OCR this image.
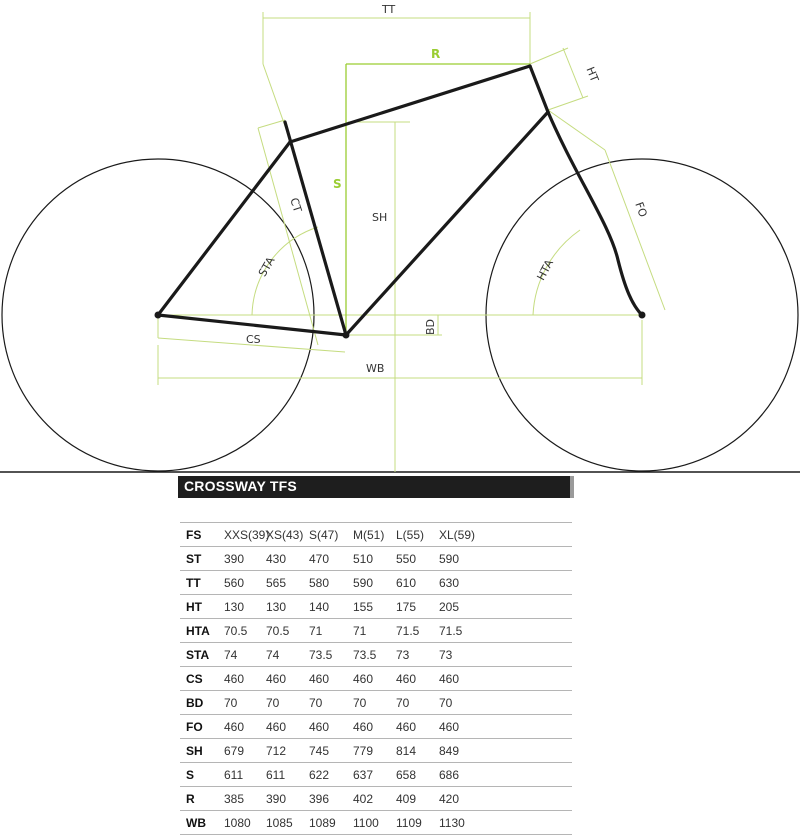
TT
R
HT
S
CT
SH
STA
FO
HTA
BD
CS
WB
CROSSWAY TFS
FS	XXS(39)	XS(43)	S(47)	M(51)	L(55)	XL(59)
ST	390	430	470	510	550	590
TT	560	565	580	590	610	630
HT	130	130	140	155	175	205
HTA	70.5	70.5	71	71	71.5	71.5
STA	74	74	73.5	73.5	73	73
CS	460	460	460	460	460	460
BD	70	70	70	70	70	70
FO	460	460	460	460	460	460
SH	679	712	745	779	814	849
S	611	611	622	637	658	686
R	385	390	396	402	409	420
WB	1080	1085	1089	1100	1109	1130
